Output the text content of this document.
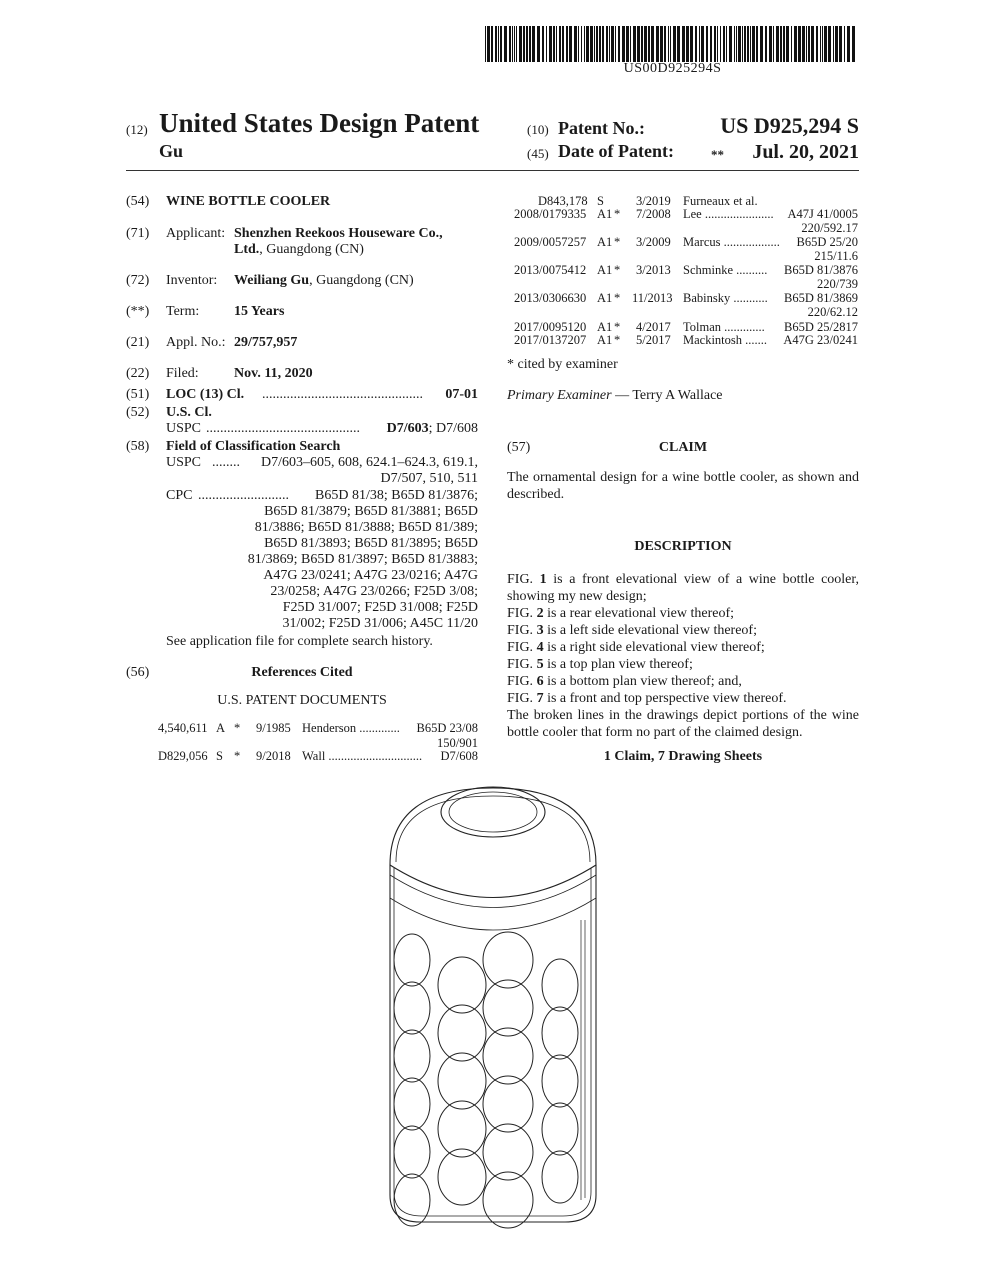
US00D925294S
(12) United States Design Patent
Gu
(10) Patent No.:	US D925,294 S
(45) Date of Patent:	**	Jul. 20, 2021
(54) WINE BOTTLE COOLER
(71) Applicant: Shenzhen Reekoos Houseware Co.,
Ltd., Guangdong (CN)
(72) Inventor: Weiliang Gu, Guangdong (CN)
(**) Term: 15 Years
(21) Appl. No.: 29/757,957
(22) Filed:	Nov. 11, 2020
(51) LOC (13) Cl. ..............................................	07-01
(52) U.S. Cl.
USPC ............................................	D7/603; D7/608
(58) Field of Classification Search
USPC ........	D7/603–605, 608, 624.1–624.3, 619.1,
D7/507, 510, 511
CPC ..........................	B65D 81/38; B65D 81/3876;
B65D 81/3879; B65D 81/3881; B65D
81/3886; B65D 81/3888; B65D 81/389;
B65D 81/3893; B65D 81/3895; B65D
81/3869; B65D 81/3897; B65D 81/3883;
A47G 23/0241; A47G 23/0216; A47G
23/0258; A47G 23/0266; F25D 3/08;
F25D 31/007; F25D 31/008; F25D
31/002; F25D 31/006; A45C 11/20
See application file for complete search history.
(56)	References Cited
U.S. PATENT DOCUMENTS
4,540,611 A * 9/1985 Henderson .............	B65D 23/08
150/901
D829,056 S * 9/2018 Wall ..............................	D7/608
D843,178 S	3/2019 Furneaux et al.
2008/0179335 A1 * 7/2008 Lee ......................	A47J 41/0005
220/592.17
2009/0057257 A1 * 3/2009 Marcus ..................	B65D 25/20
215/11.6
2013/0075412 A1 * 3/2013 Schminke ..........	B65D 81/3876
220/739
2013/0306630 A1 * 11/2013 Babinsky ...........	B65D 81/3869
220/62.12
2017/0095120 A1 * 4/2017 Tolman .............	B65D 25/2817
2017/0137207 A1 * 5/2017 Mackintosh .......	A47G 23/0241
* cited by examiner
Primary Examiner — Terry A Wallace
(57)	CLAIM
The ornamental design for a wine bottle cooler, as shown and described.
DESCRIPTION
FIG. 1 is a front elevational view of a wine bottle cooler, showing my new design;
FIG. 2 is a rear elevational view thereof;
FIG. 3 is a left side elevational view thereof;
FIG. 4 is a right side elevational view thereof;
FIG. 5 is a top plan view thereof;
FIG. 6 is a bottom plan view thereof; and,
FIG. 7 is a front and top perspective view thereof.
The broken lines in the drawings depict portions of the wine bottle cooler that form no part of the claimed design.
1 Claim, 7 Drawing Sheets
